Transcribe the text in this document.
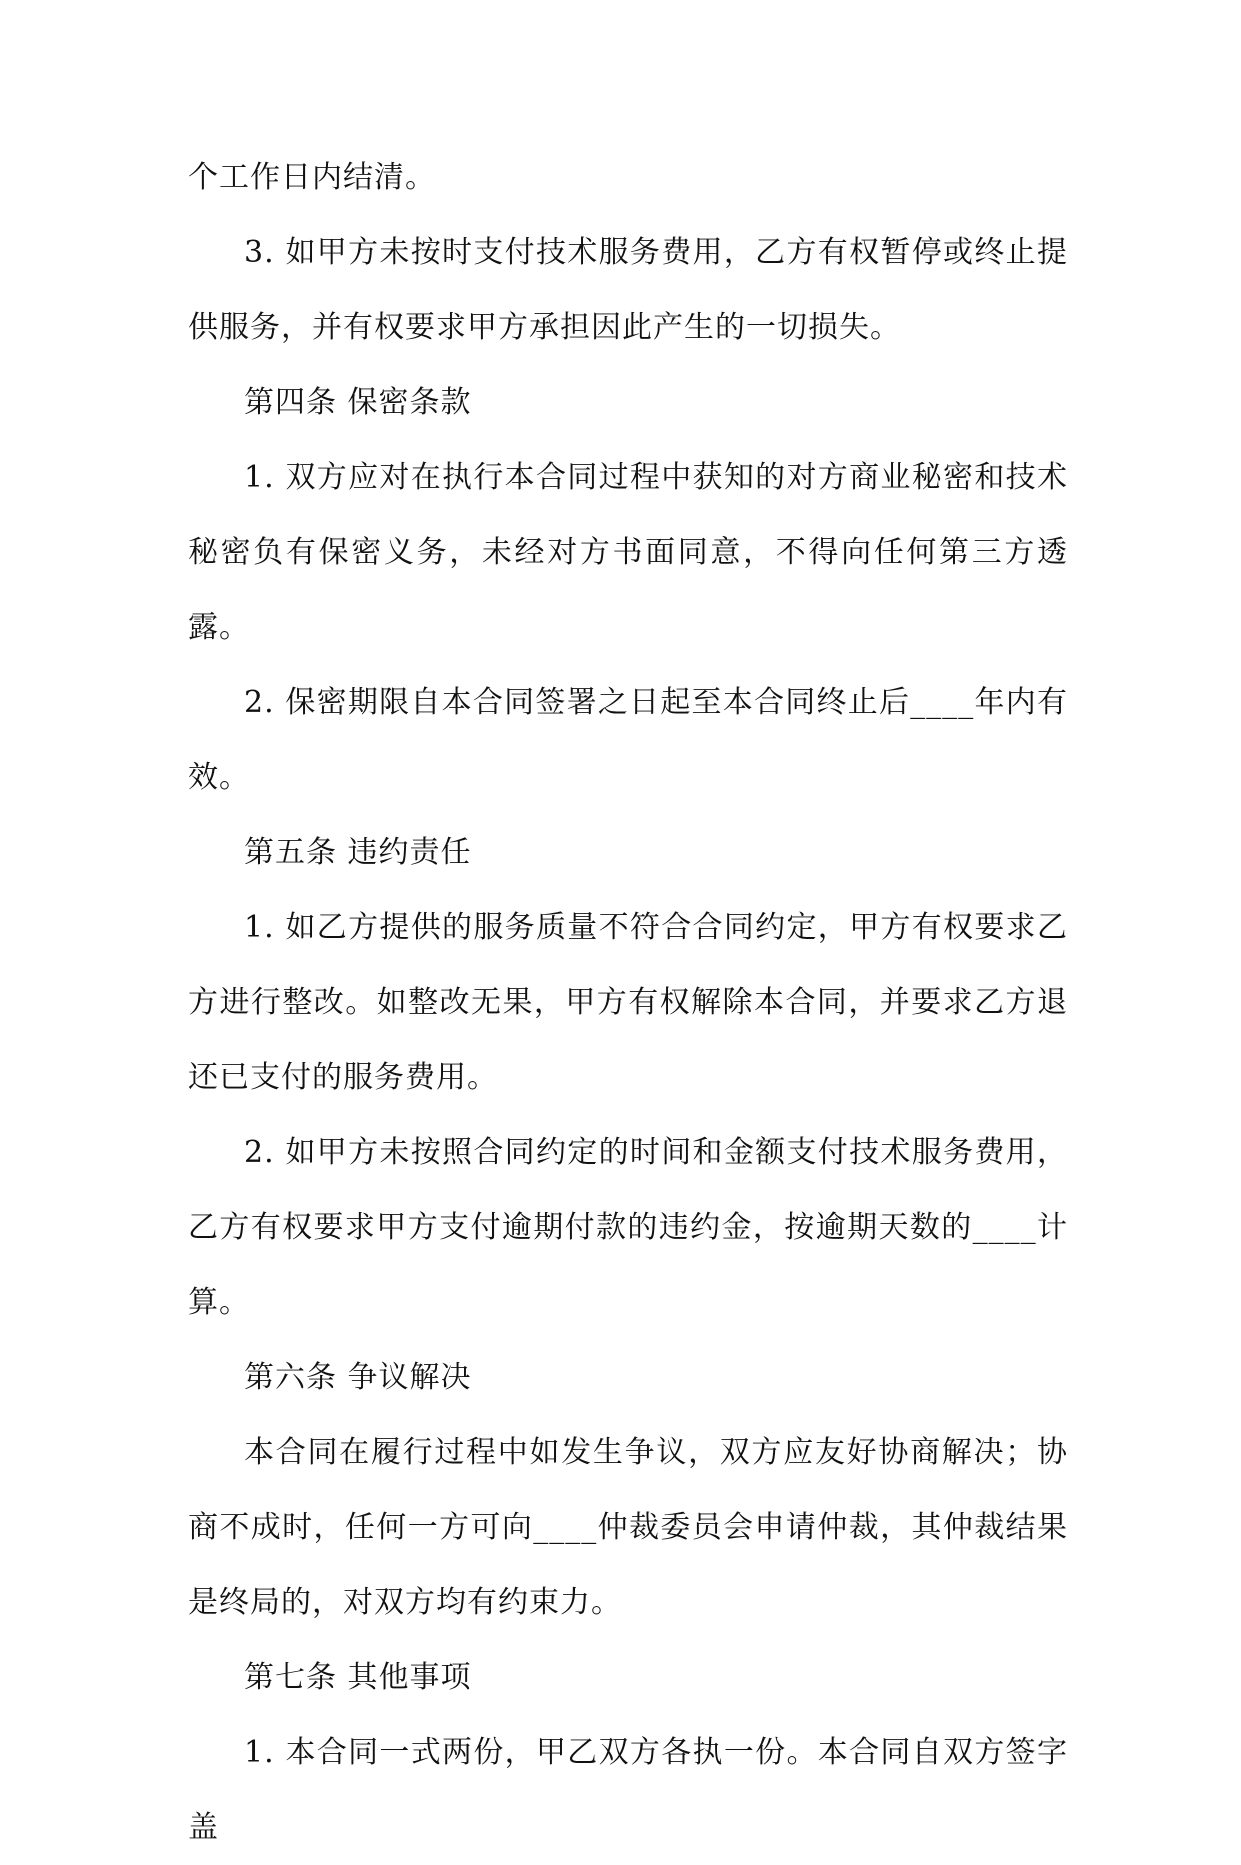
个工作日内结清。

3. 如甲方未按时支付技术服务费用，乙方有权暂停或终止提供服务，并有权要求甲方承担因此产生的一切损失。

第四条 保密条款

1. 双方应对在执行本合同过程中获知的对方商业秘密和技术秘密负有保密义务，未经对方书面同意，不得向任何第三方透露。

2. 保密期限自本合同签署之日起至本合同终止后____年内有效。

第五条 违约责任

1. 如乙方提供的服务质量不符合合同约定，甲方有权要求乙方进行整改。如整改无果，甲方有权解除本合同，并要求乙方退还已支付的服务费用。

2. 如甲方未按照合同约定的时间和金额支付技术服务费用，乙方有权要求甲方支付逾期付款的违约金，按逾期天数的____计算。

第六条 争议解决

本合同在履行过程中如发生争议，双方应友好协商解决；协商不成时，任何一方可向____仲裁委员会申请仲裁，其仲裁结果是终局的，对双方均有约束力。

第七条 其他事项

1. 本合同一式两份，甲乙双方各执一份。本合同自双方签字盖
